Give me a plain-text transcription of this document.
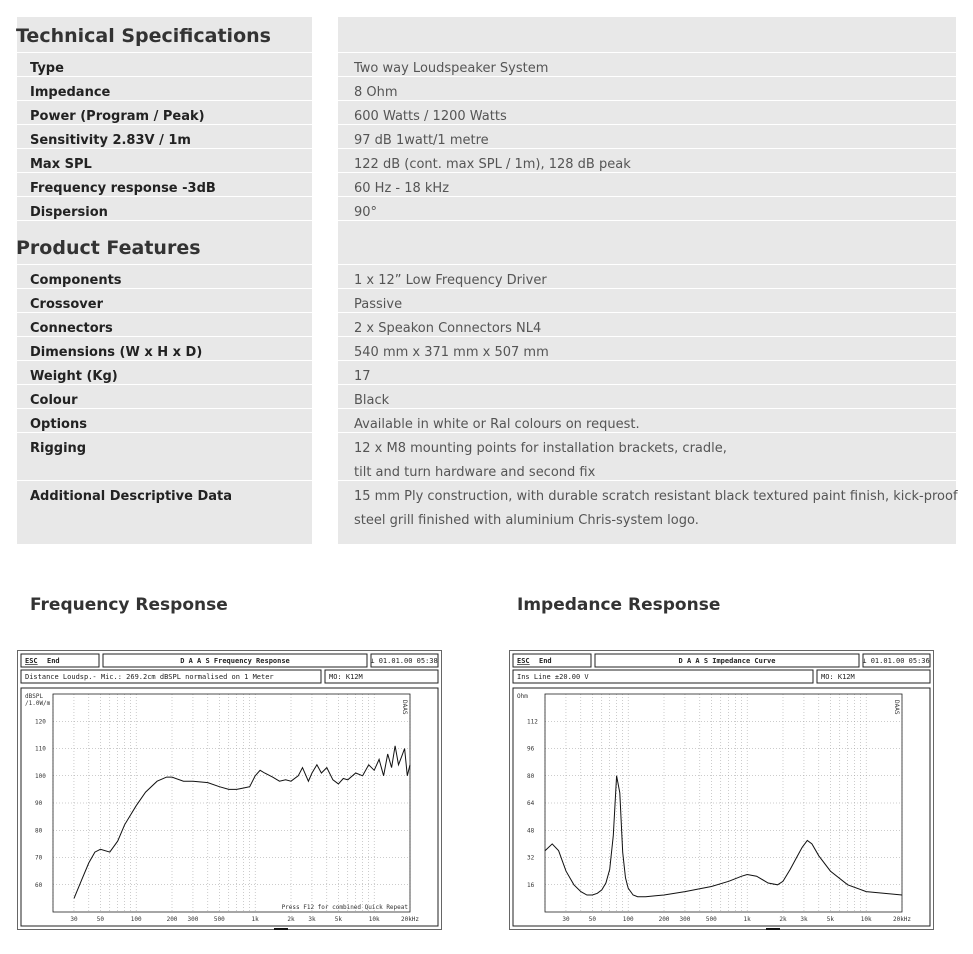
Technical Specifications
Type	Two way Loudspeaker System
Impedance	8 Ohm
Power (Program / Peak)	600 Watts / 1200 Watts
Sensitivity 2.83V / 1m	97 dB 1watt/1 metre
Max SPL	122 dB (cont. max SPL / 1m), 128 dB peak
Frequency response -3dB	60 Hz - 18 kHz
Dispersion	90°
Product Features
Components	1 x 12” Low Frequency Driver
Crossover	Passive
Connectors	2 x Speakon Connectors NL4
Dimensions (W x H x D)	540 mm x 371 mm x 507 mm
Weight (Kg)	17
Colour	Black
Options	Available in white or Ral colours on request.
Rigging	12 x M8 mounting points for installation brackets, cradle,
tilt and turn hardware and second fix
Additional Descriptive Data	15 mm Ply construction, with durable scratch resistant black textured paint finish, kick-proof
steel grill finished with aluminium Chris-system logo.
Frequency Response	Impedance Response
ESC End	D A A S Frequency Response	⊥ 01.01.00 05:38
Distance Loudsp.- Mic.: 269.2cm dBSPL normalised on 1 Meter	MO: K12M
60
70
80
90
100
110
120
dBSPL
/1.0W/m
30	50	100	200 300	500	1k	2k 3k	5k	10k	20kHz
DAAS
Press F12 for combined Quick Repeat
ESC End	D A A S Impedance Curve	⊥ 01.01.00 05:36
Ins Line ±20.00 V	MO: K12M
16
32
48
64
80
96
112
Ohm
30	50	100	200 300	500	1k	2k 3k	5k	10k	20kHz
DAAS
